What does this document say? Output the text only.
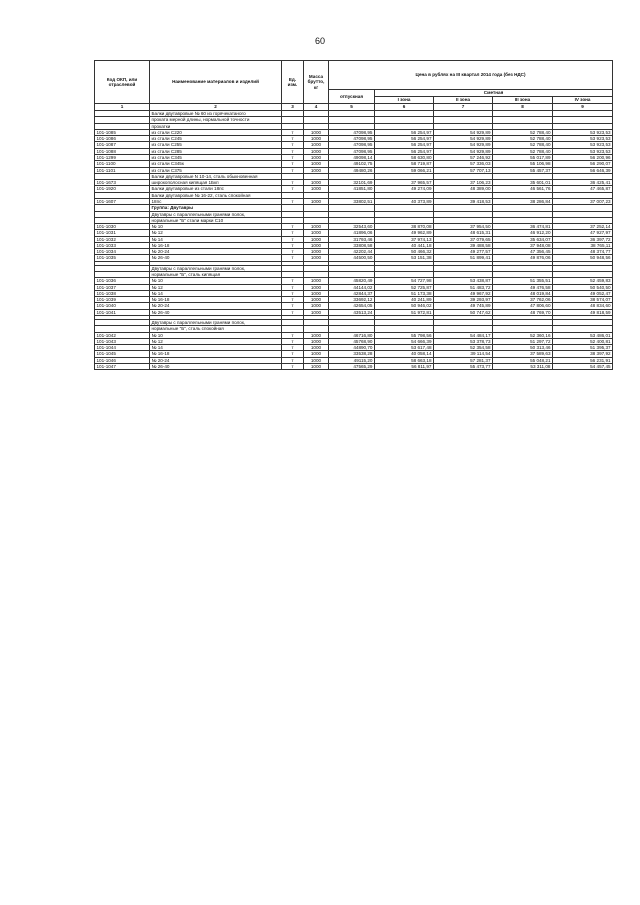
60
Код ОКП, или отраслевой	Наименование материалов и изделий	Ед. изм.	Масса брутто, кг	Цена в рублях на III квартал 2014 года (без НДС)				
				отпускная	Сметная			
					I зона	II зона	III зона	IV зона
1	2	3	4	5	6	7	8	9
	Балки двутавровые № 60 из горячекатаного							
	проката мерной длины, нормальной точности							
	прокатки							
101-1085	из стали С220	т	1000	47098,95	56 254,97	54 929,89	52 788,40	53 923,53
101-1086	из стали С245	т	1000	47098,95	56 254,97	54 929,89	52 788,40	53 923,53
101-1087	из стали С255	т	1000	47098,95	56 254,97	54 929,89	52 788,40	53 923,53
101-1088	из стали С285	т	1000	47098,95	56 254,97	54 929,89	52 788,40	53 923,53
101-1299	из стали С345	т	1000	49098,14	58 630,80	57 246,92	55 017,89	56 200,96
101-1100	из стали С345к	т	1000	49102,75	58 719,87	57 336,03	55 106,98	56 290,07
101-1101	из стали С375	т	1000	49480,26	59 066,21	57 707,13	55 457,37	56 646,39
	Балки двутавровые N 10-14, сталь обыкновенная							
101-1673	широкополосная кипящая 1Бкп	т	1000	32101,69	37 965,57	37 106,23	35 601,01	36 425,41
101-1920	Балки двутавровые из стали 18пс	т	1000	41851,80	49 274,09	48 389,00	46 561,76	47 465,87
	Балки двутавровые № 16-22, сталь спокойная							
101-1607	18пс	т	1000	33802,51	40 373,89	39 418,53	38 286,84	37 007,23
	Группа: Двутавры							
	Двутавры с параллельными гранями полок,							
	нормальные "Б" стали марки С10							
101-1030	№ 10	т	1000	32543,60	38 870,08	37 954,50	36 474,81	37 252,14
101-1031	№ 12	т	1000	41896,06	49 962,89	48 615,31	46 912,20	47 927,97
101-1032	№ 14	т	1000	31793,46	37 974,13	37 079,65	35 634,07	36 397,72
101-1033	№ 16-18	т	1000	33808,58	40 441,18	39 488,58	37 948,08	38 765,11
101-1034	№ 20-24	т	1000	42202,44	50 466,32	49 277,57	47 356,45	48 374,77
101-1035	№ 26-40	т	1000	44500,50	53 151,38	51 899,41	49 876,06	50 948,56

	Двутавры с параллельными гранями полок,							
	нормальные "Б", сталь кипящая							
101-1036	№ 10	т	1000	45820,49	54 727,98	53 438,87	51 355,51	52 459,83
101-1037	№ 12	т	1000	44144,02	52 725,87	51 483,72	49 476,58	50 540,50
101-1038	№ 14	т	1000	42844,37	51 173,38	49 967,92	48 019,84	49 052,47
101-1039	№ 16-18	т	1000	33692,12	40 241,89	39 293,97	37 762,06	38 574,07
101-1040	№ 20-24	т	1000	42654,05	50 946,02	49 745,89	47 806,60	48 834,60
101-1041	№ 26-40	т	1000	43513,24	51 972,81	50 747,62	48 769,70	49 818,59

	Двутавры с параллельными гранями полок,							
	нормальные "Б", сталь спокойная							
101-1042	№ 10	т	1000	46716,80	55 798,56	54 484,17	52 360,16	53 486,01
101-1043	№ 12	т	1000	45768,90	54 666,39	53 378,73	51 297,72	52 400,81
101-1044	№ 14	т	1000	44890,70	53 617,48	52 354,58	50 313,46	51 395,37
101-1045	№ 16-18	т	1000	33538,28	40 058,14	39 114,54	37 589,63	38 397,92
101-1046	№ 20-24	т	1000	49115,20	58 663,18	57 281,37	55 048,21	56 231,91
101-1047	№ 26-40	т	1000	47565,29	56 811,97	55 473,77	53 311,08	54 457,45
